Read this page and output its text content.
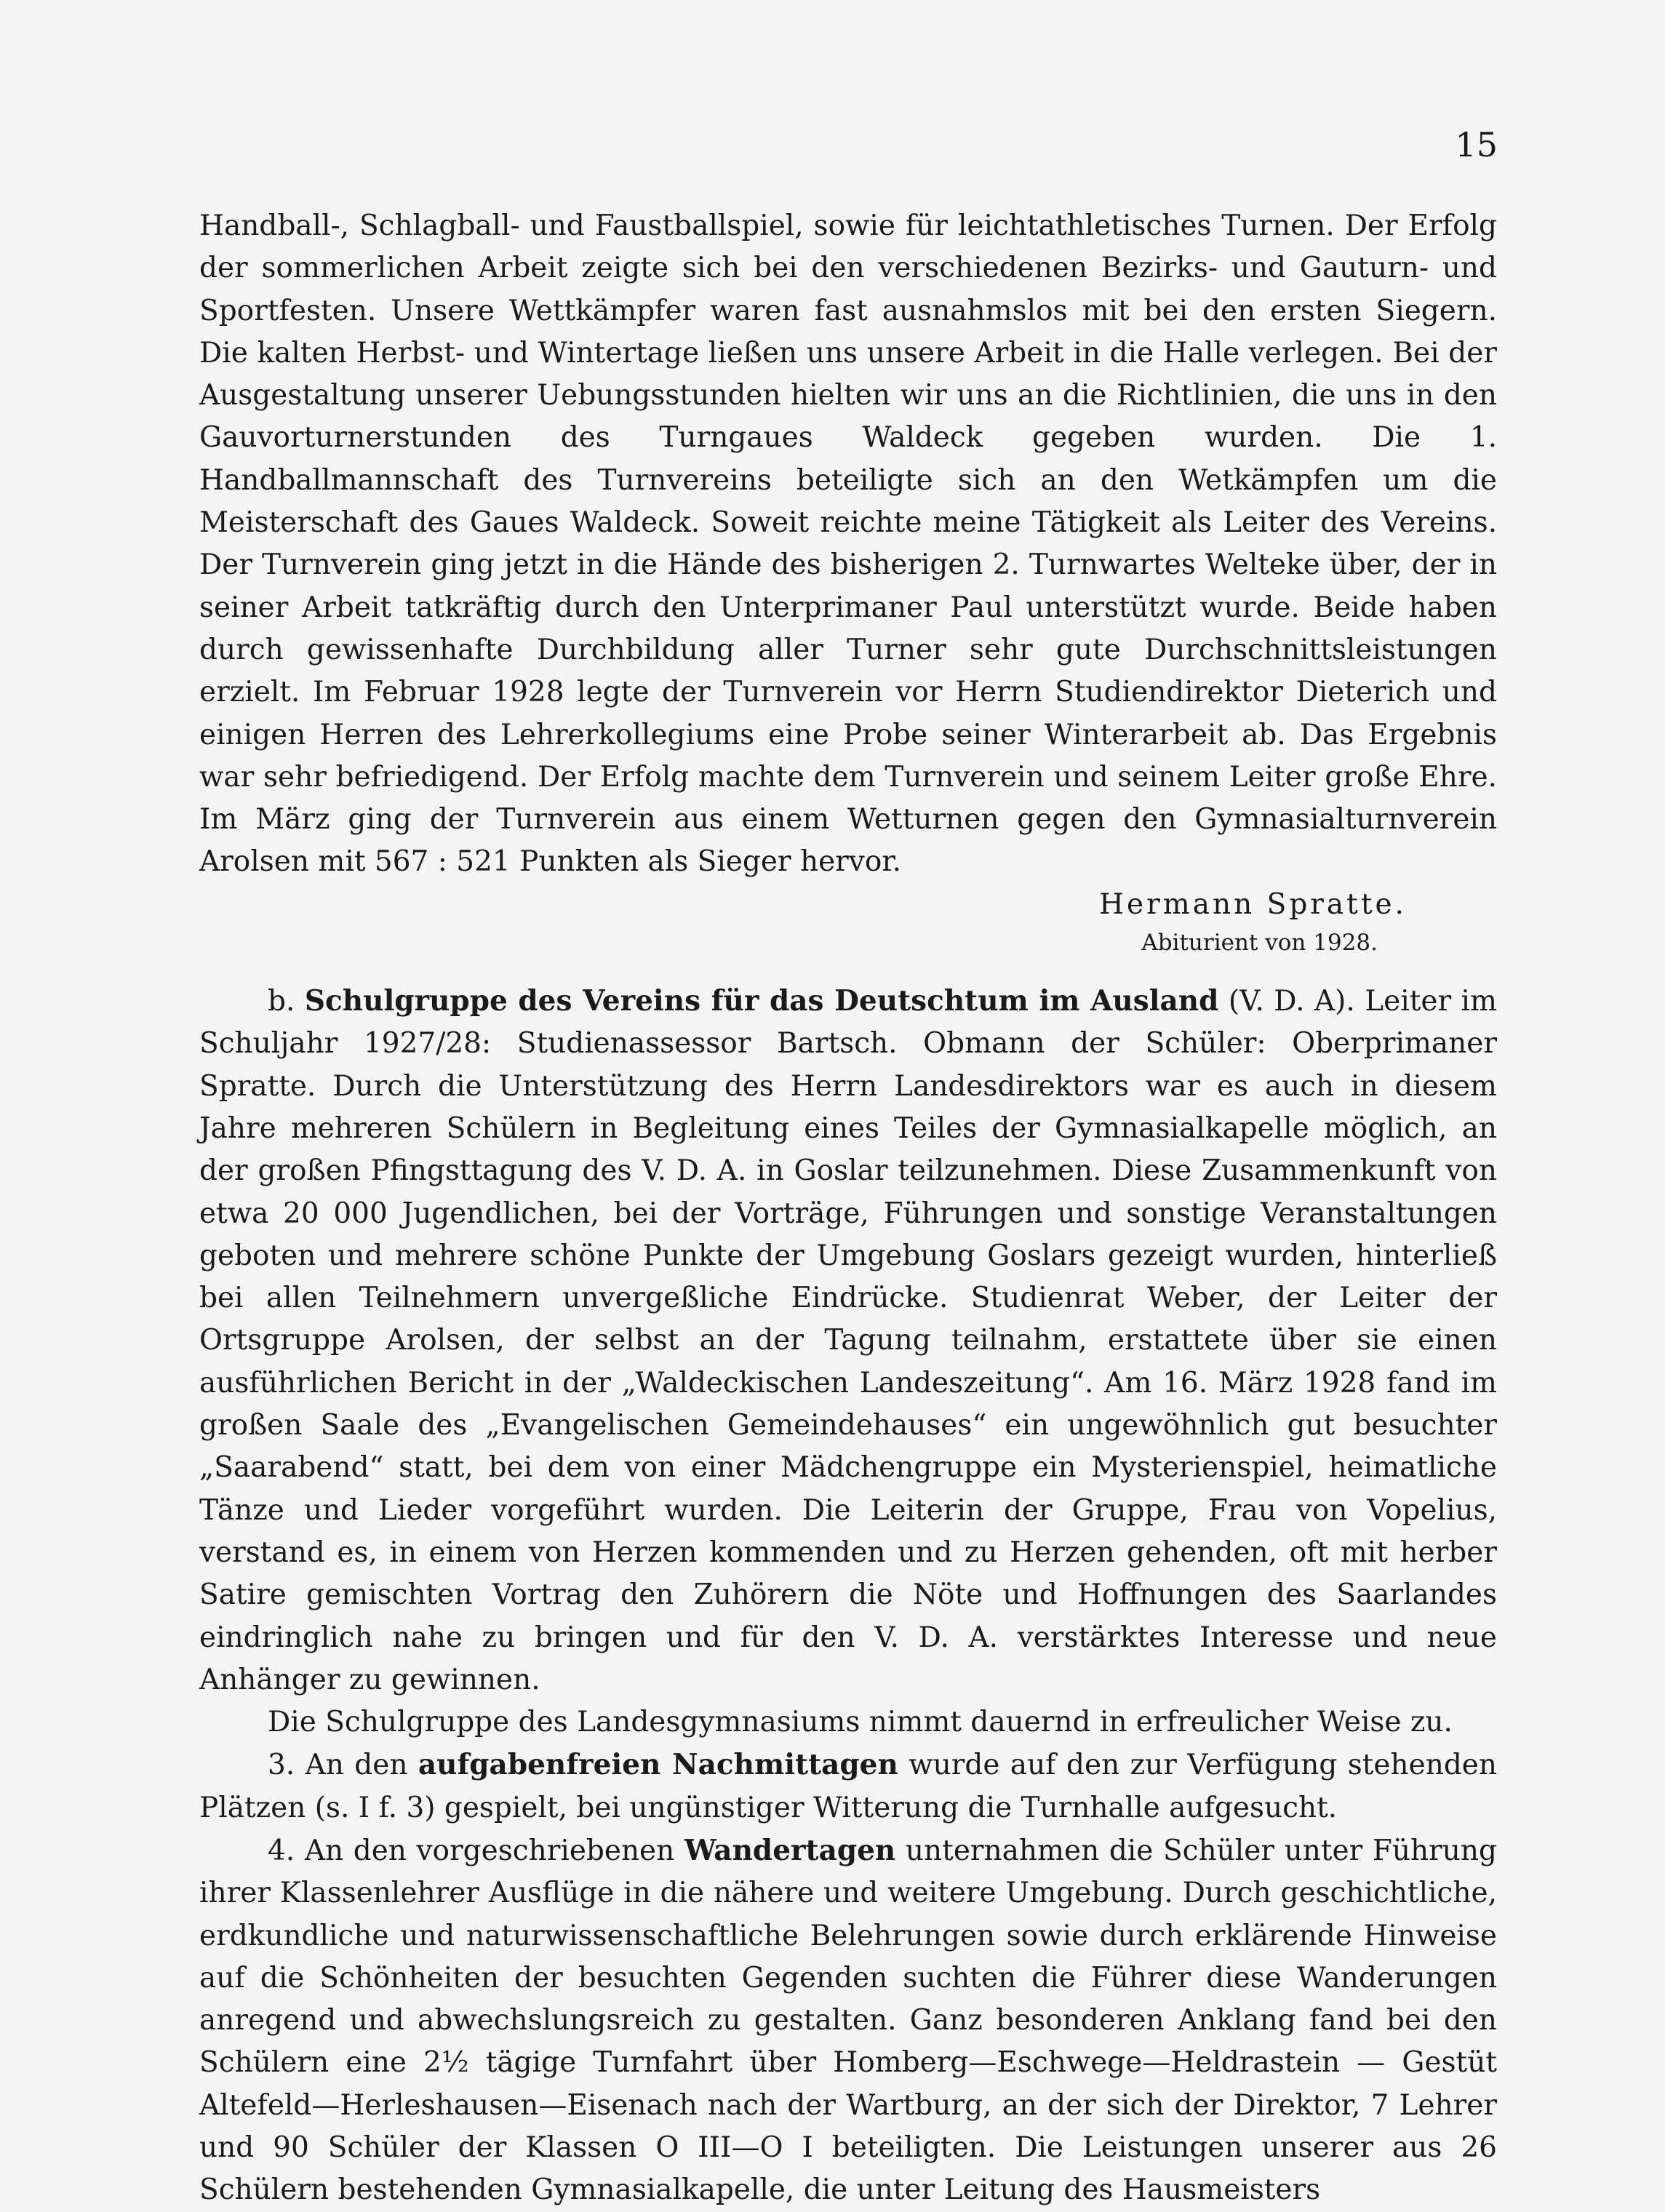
15

Handball-, Schlagball- und Faustballspiel, sowie für leichtathletisches Turnen. Der Erfolg der sommerlichen Arbeit zeigte sich bei den verschiedenen Bezirks- und Gauturn- und Sportfesten. Unsere Wettkämpfer waren fast ausnahmslos mit bei den ersten Siegern. Die kalten Herbst- und Wintertage ließen uns unsere Arbeit in die Halle verlegen. Bei der Ausgestaltung unserer Uebungsstunden hielten wir uns an die Richtlinien, die uns in den Gauvorturnerstunden des Turngaues Waldeck gegeben wurden. Die 1. Handballmannschaft des Turnvereins beteiligte sich an den Wetkämpfen um die Meisterschaft des Gaues Waldeck. Soweit reichte meine Tätigkeit als Leiter des Vereins. Der Turnverein ging jetzt in die Hände des bisherigen 2. Turnwartes Welteke über, der in seiner Arbeit tatkräftig durch den Unterprimaner Paul unterstützt wurde. Beide haben durch gewissenhafte Durchbildung aller Turner sehr gute Durchschnittsleistungen erzielt. Im Februar 1928 legte der Turnverein vor Herrn Studiendirektor Dieterich und einigen Herren des Lehrerkollegiums eine Probe seiner Winterarbeit ab. Das Ergebnis war sehr befriedigend. Der Erfolg machte dem Turnverein und seinem Leiter große Ehre. Im März ging der Turnverein aus einem Wetturnen gegen den Gymnasialturnverein Arolsen mit 567 : 521 Punkten als Sieger hervor.

Hermann Spratte.

Abiturient von 1928.

b. Schulgruppe des Vereins für das Deutschtum im Ausland (V. D. A). Leiter im Schuljahr 1927/28: Studienassessor Bartsch. Obmann der Schüler: Oberprimaner Spratte. Durch die Unterstützung des Herrn Landesdirektors war es auch in diesem Jahre mehreren Schülern in Begleitung eines Teiles der Gymnasialkapelle möglich, an der großen Pfingsttagung des V. D. A. in Goslar teilzunehmen. Diese Zusammenkunft von etwa 20 000 Jugendlichen, bei der Vorträge, Führungen und sonstige Veranstaltungen geboten und mehrere schöne Punkte der Umgebung Goslars gezeigt wurden, hinterließ bei allen Teilnehmern unvergeßliche Eindrücke. Studienrat Weber, der Leiter der Ortsgruppe Arolsen, der selbst an der Tagung teilnahm, erstattete über sie einen ausführlichen Bericht in der „Waldeckischen Landeszeitung“. Am 16. März 1928 fand im großen Saale des „Evangelischen Gemeindehauses“ ein ungewöhnlich gut besuchter „Saarabend“ statt, bei dem von einer Mädchengruppe ein Mysterienspiel, heimatliche Tänze und Lieder vorgeführt wurden. Die Leiterin der Gruppe, Frau von Vopelius, verstand es, in einem von Herzen kommenden und zu Herzen gehenden, oft mit herber Satire gemischten Vortrag den Zuhörern die Nöte und Hoffnungen des Saarlandes eindringlich nahe zu bringen und für den V. D. A. verstärktes Interesse und neue Anhänger zu gewinnen.

Die Schulgruppe des Landesgymnasiums nimmt dauernd in erfreulicher Weise zu.

3. An den aufgabenfreien Nachmittagen wurde auf den zur Verfügung stehenden Plätzen (s. I f. 3) gespielt, bei ungünstiger Witterung die Turnhalle aufgesucht.

4. An den vorgeschriebenen Wandertagen unternahmen die Schüler unter Führung ihrer Klassenlehrer Ausflüge in die nähere und weitere Umgebung. Durch geschichtliche, erdkundliche und naturwissenschaftliche Belehrungen sowie durch erklärende Hinweise auf die Schönheiten der besuchten Gegenden suchten die Führer diese Wanderungen anregend und abwechslungsreich zu gestalten. Ganz besonderen Anklang fand bei den Schülern eine 2½ tägige Turnfahrt über Homberg—Eschwege—Heldrastein — Gestüt Altefeld—Herleshausen—Eisenach nach der Wartburg, an der sich der Direktor, 7 Lehrer und 90 Schüler der Klassen O III—O I beteiligten. Die Leistungen unserer aus 26 Schülern bestehenden Gymnasialkapelle, die unter Leitung des Hausmeisters
